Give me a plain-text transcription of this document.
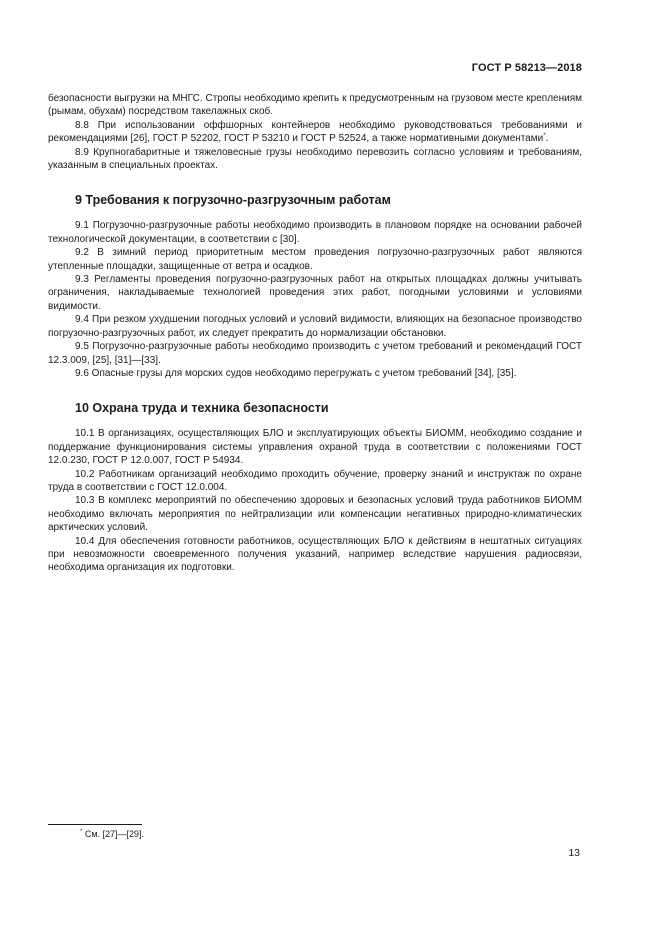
ГОСТ Р 58213—2018

безопасности выгрузки на МНГС. Стропы необходимо крепить к предусмотренным на грузовом месте креплениям (рымам, обухам) посредством такелажных скоб.

8.8 При использовании оффшорных контейнеров необходимо руководствоваться требованиями и рекомендациями [26], ГОСТ Р 52202, ГОСТ Р 53210 и ГОСТ Р 52524, а также нормативными документами*.

8.9 Крупногабаритные и тяжеловесные грузы необходимо перевозить согласно условиям и требованиям, указанным в специальных проектах.

9 Требования к погрузочно-разгрузочным работам

9.1 Погрузочно-разгрузочные работы необходимо производить в плановом порядке на основании рабочей технологической документации, в соответствии с [30].

9.2 В зимний период приоритетным местом проведения погрузочно-разгрузочных работ являются утепленные площадки, защищенные от ветра и осадков.

9.3 Регламенты проведения погрузочно-разгрузочных работ на открытых площадках должны учитывать ограничения, накладываемые технологией проведения этих работ, погодными условиями и условиями видимости.

9.4 При резком ухудшении погодных условий и условий видимости, влияющих на безопасное производство погрузочно-разгрузочных работ, их следует прекратить до нормализации обстановки.

9.5 Погрузочно-разгрузочные работы необходимо производить с учетом требований и рекомендаций ГОСТ 12.3.009, [25], [31]—[33].

9.6 Опасные грузы для морских судов необходимо перегружать с учетом требований [34], [35].

10 Охрана труда и техника безопасности

10.1 В организациях, осуществляющих БЛО и эксплуатирующих объекты БИОММ, необходимо создание и поддержание функционирования системы управления охраной труда в соответствии с положениями ГОСТ 12.0.230, ГОСТ Р 12.0.007, ГОСТ Р 54934.

10.2 Работникам организаций необходимо проходить обучение, проверку знаний и инструктаж по охране труда в соответствии с ГОСТ 12.0.004.

10.3 В комплекс мероприятий по обеспечению здоровых и безопасных условий труда работников БИОММ необходимо включать мероприятия по нейтрализации или компенсации негативных природно-климатических арктических условий.

10.4 Для обеспечения готовности работников, осуществляющих БЛО к действиям в нештатных ситуациях при невозможности своевременного получения указаний, например вследствие нарушения радиосвязи, необходима организация их подготовки.

* См. [27]—[29].
13
